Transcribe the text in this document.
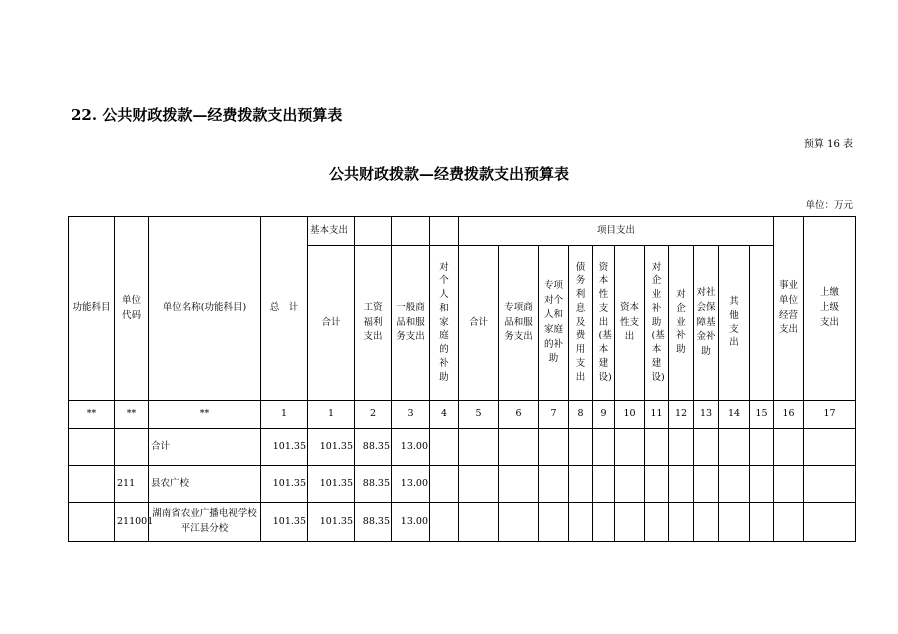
22. 公共财政拨款—经费拨款支出预算表
预算 16 表
公共财政拨款—经费拨款支出预算表
单位：万元
功能科目	单位代码	单位名称(功能科目)	总　计	基本支出				项目支出											事业单位经营支出	上缴上级支出	
				合计	工资福利支出	一般商品和服务支出	对个人和家庭的补助	合计	专项商品和服务支出	专项对个人和家庭的补助	债务利息及费用支出	资本性支出(基本建设)	资本性支出	对企业补助(基本建设)	对企业补助	对社会保障基金补助	其他支出				
**	**	**	1	1	2	3	4	5	6	7	8	9	10	11	12	13	14	15	16	17	
		合计	101.35	101.35	88.35	13.00															
	211	县农广校	101.35	101.35	88.35	13.00															
	211001	湖南省农业广播电视学校平江县分校	101.35	101.35	88.35	13.00															
